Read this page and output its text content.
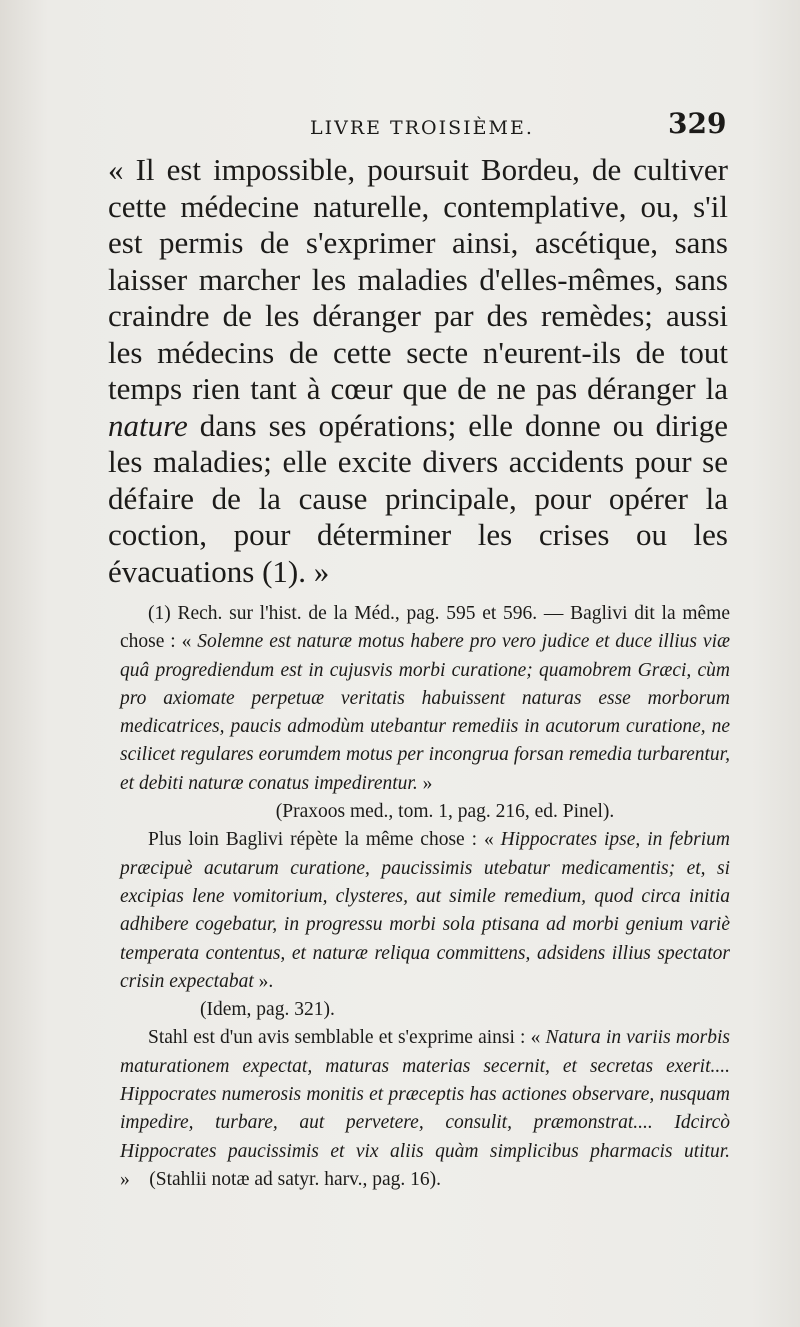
LIVRE TROISIÈME.	329

« Il est impossible, poursuit Bordeu, de cultiver cette médecine naturelle, contemplative, ou, s'il est permis de s'exprimer ainsi, ascétique, sans laisser marcher les maladies d'elles-mêmes, sans craindre de les déranger par des remèdes; aussi les médecins de cette secte n'eurent-ils de tout temps rien tant à cœur que de ne pas déranger la nature dans ses opérations; elle donne ou dirige les maladies; elle excite divers accidents pour se défaire de la cause principale, pour opérer la coction, pour déterminer les crises ou les évacuations (1). »

(1) Rech. sur l'hist. de la Méd., pag. 595 et 596. — Baglivi dit la même chose : « Solemne est naturæ motus habere pro vero judice et duce illius viæ quâ progrediendum est in cujusvis morbi curatione; quamobrem Græci, cùm pro axiomate perpetuæ veritatis habuissent naturas esse morborum medicatrices, paucis admodùm utebantur remediis in acutorum curatione, ne scilicet regulares eorumdem motus per incongrua forsan remedia turbarentur, et debiti naturæ conatus impedirentur. »

(Praxoos med., tom. 1, pag. 216, ed. Pinel).

Plus loin Baglivi répète la même chose : « Hippocrates ipse, in febrium præcipuè acutarum curatione, paucissimis utebatur medicamentis; et, si excipias lene vomitorium, clysteres, aut simile remedium, quod circa initia adhibere cogebatur, in progressu morbi sola ptisana ad morbi genium variè temperata contentus, et naturæ reliqua committens, adsidens illius spectator crisin expectabat ».

(Idem, pag. 321).

Stahl est d'un avis semblable et s'exprime ainsi : « Natura in variis morbis maturationem expectat, maturas materias secernit, et secretas exerit.... Hippocrates numerosis monitis et præceptis has actiones observare, nusquam impedire, turbare, aut pervetere, consulit, præmonstrat.... Idcircò Hippocrates paucissimis et vix aliis quàm simplicibus pharmacis utitur. » (Stahlii notæ ad satyr. harv., pag. 16).
